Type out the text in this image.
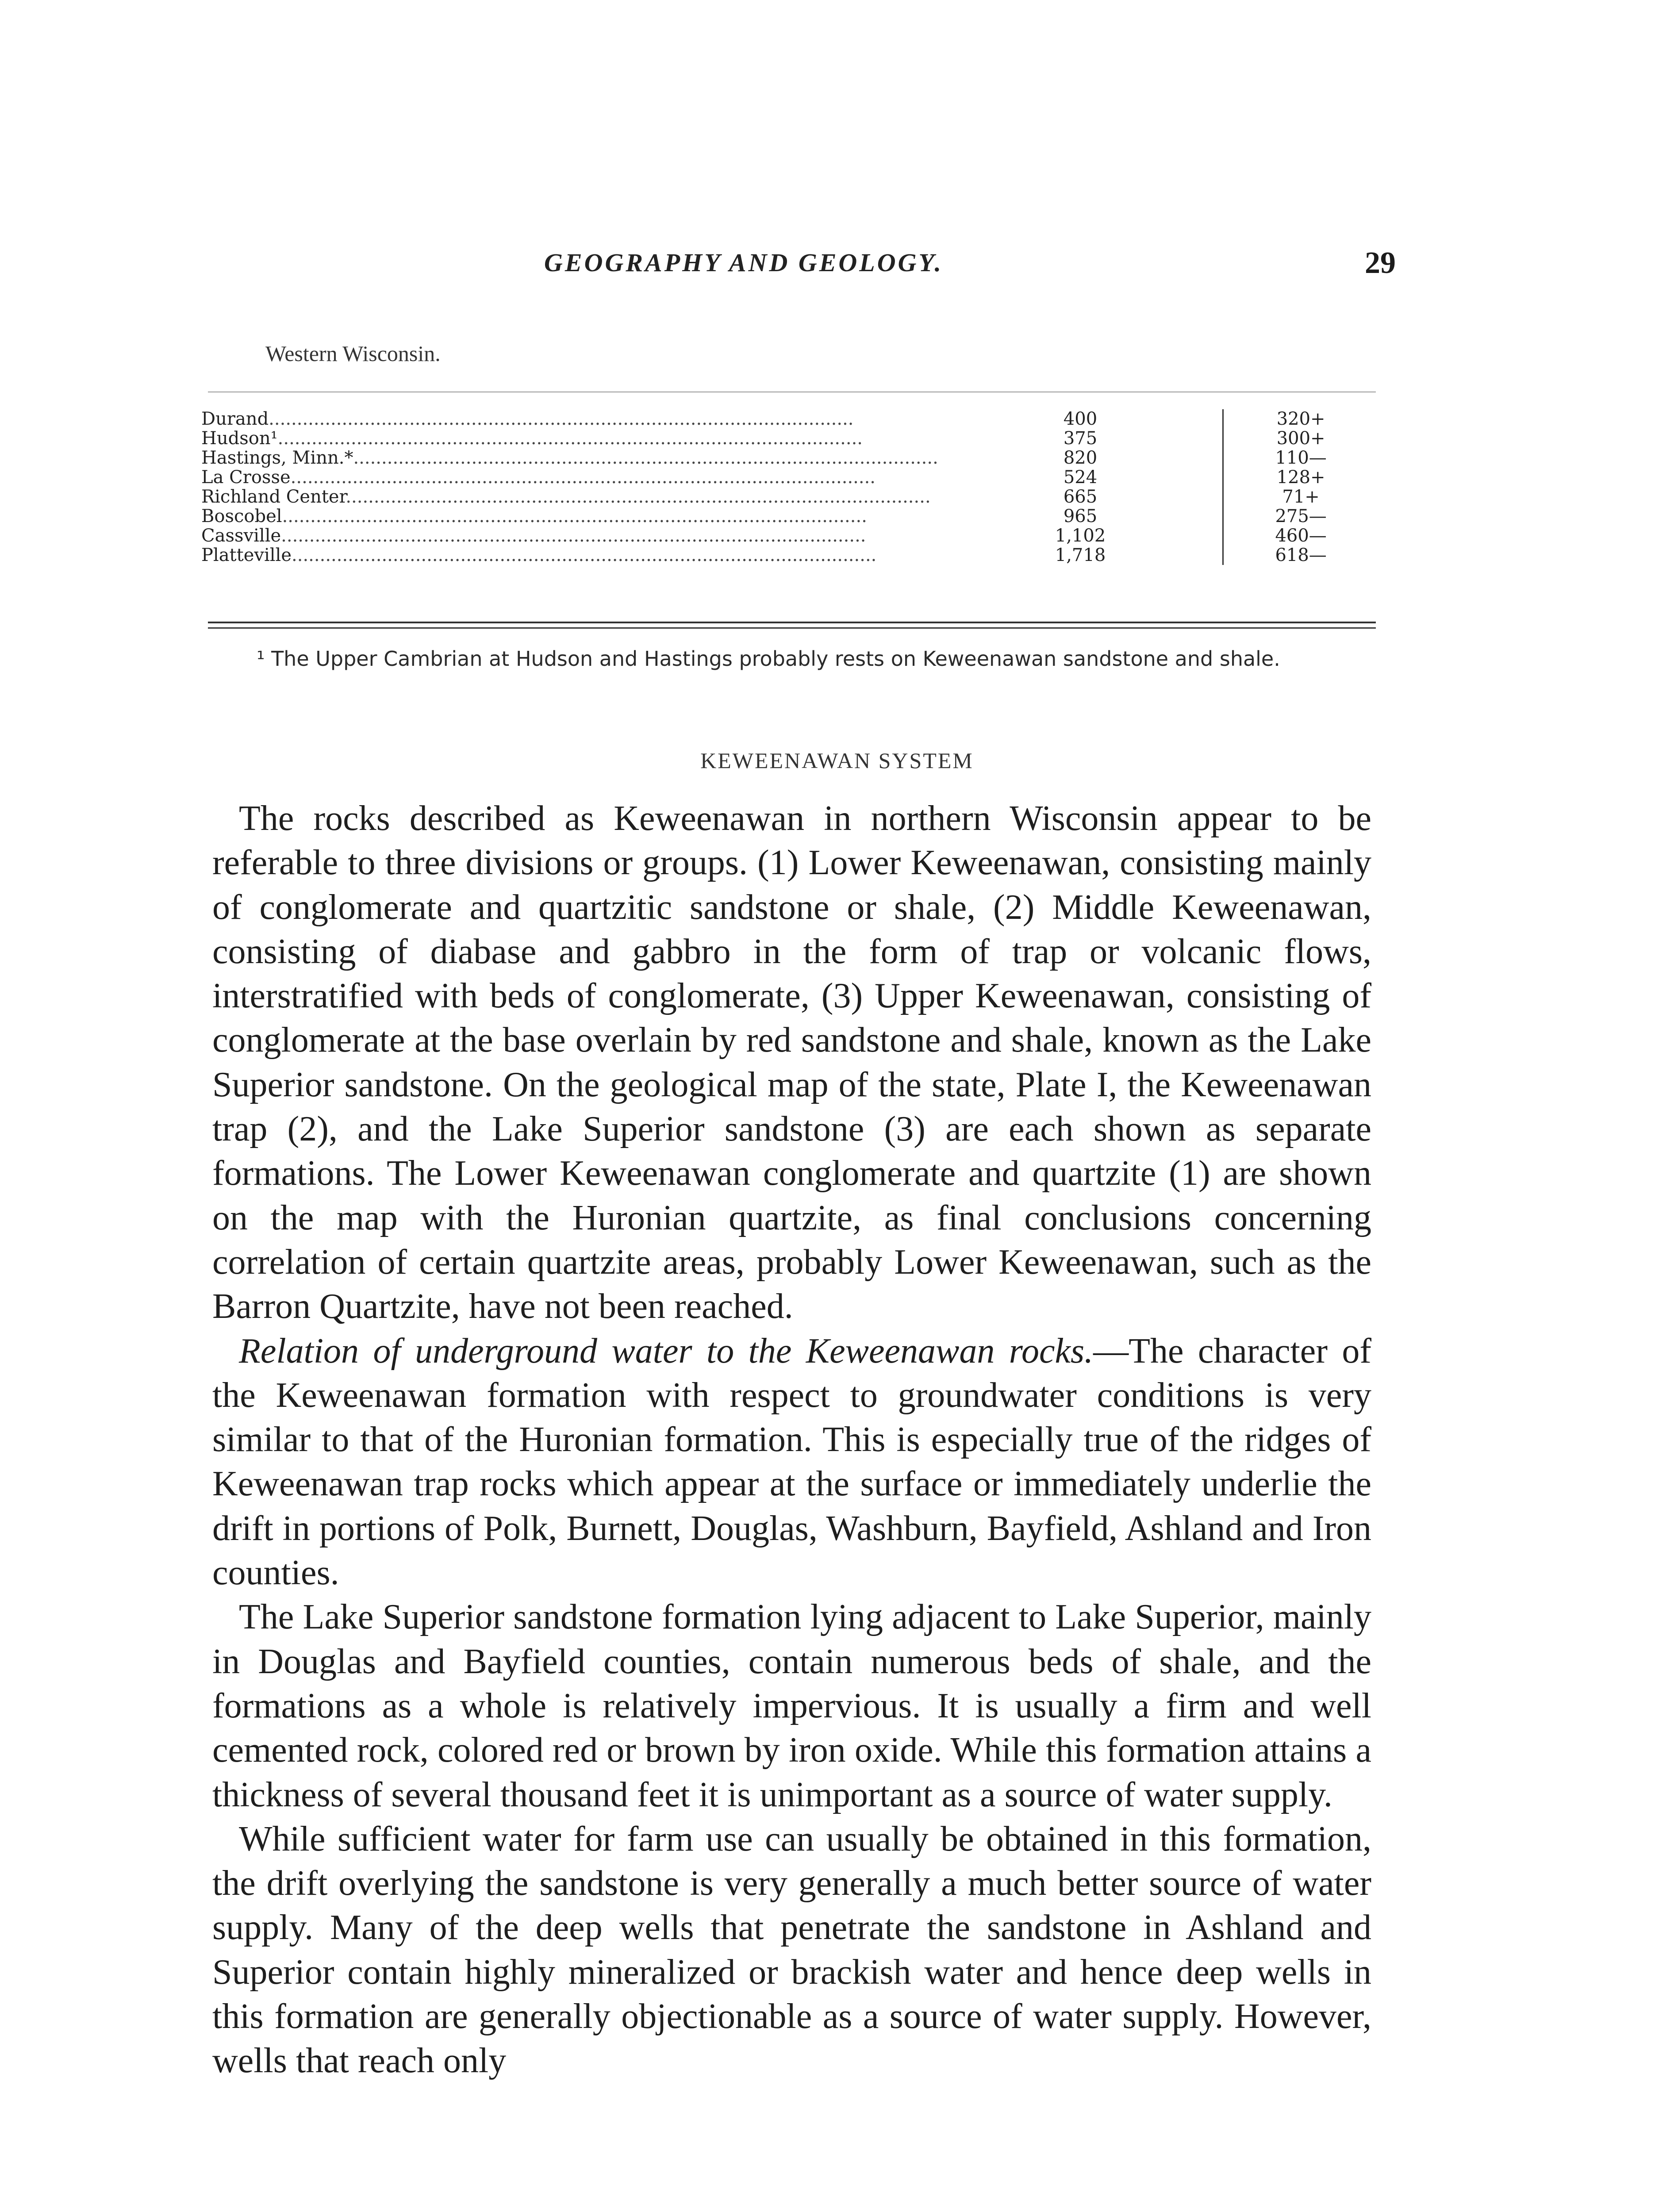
GEOGRAPHY AND GEOLOGY.	29
Western Wisconsin.
Durand........................................................................................................	400	320+
Hudson¹........................................................................................................	375	300+
Hastings, Minn.*........................................................................................................	820	110—
La Crosse........................................................................................................	524	128+
Richland Center........................................................................................................	665	71+
Boscobel........................................................................................................	965	275—
Cassville........................................................................................................	1,102	460—
Platteville........................................................................................................	1,718	618—
¹ The Upper Cambrian at Hudson and Hastings probably rests on Keweenawan sandstone and shale.
KEWEENAWAN SYSTEM

The rocks described as Keweenawan in northern Wisconsin appear to be referable to three divisions or groups. (1) Lower Keweenawan, consisting mainly of conglomerate and quartzitic sandstone or shale, (2) Middle Keweenawan, consisting of diabase and gabbro in the form of trap or volcanic flows, interstratified with beds of conglomerate, (3) Upper Keweenawan, consisting of conglomerate at the base overlain by red sandstone and shale, known as the Lake Superior sandstone. On the geological map of the state, Plate I, the Keweenawan trap (2), and the Lake Superior sandstone (3) are each shown as separate formations. The Lower Keweenawan conglomerate and quartzite (1) are shown on the map with the Huronian quartzite, as final conclusions concerning correlation of certain quartzite areas, probably Lower Keweenawan, such as the Barron Quartzite, have not been reached.

Relation of underground water to the Keweenawan rocks.—The character of the Keweenawan formation with respect to groundwater conditions is very similar to that of the Huronian formation. This is especially true of the ridges of Keweenawan trap rocks which appear at the surface or immediately underlie the drift in portions of Polk, Burnett, Douglas, Washburn, Bayfield, Ashland and Iron counties.

The Lake Superior sandstone formation lying adjacent to Lake Superior, mainly in Douglas and Bayfield counties, contain numerous beds of shale, and the formations as a whole is relatively impervious. It is usually a firm and well cemented rock, colored red or brown by iron oxide. While this formation attains a thickness of several thousand feet it is unimportant as a source of water supply.

While sufficient water for farm use can usually be obtained in this formation, the drift overlying the sandstone is very generally a much better source of water supply. Many of the deep wells that penetrate the sandstone in Ashland and Superior contain highly mineralized or brackish water and hence deep wells in this formation are generally objectionable as a source of water supply. However, wells that reach only
